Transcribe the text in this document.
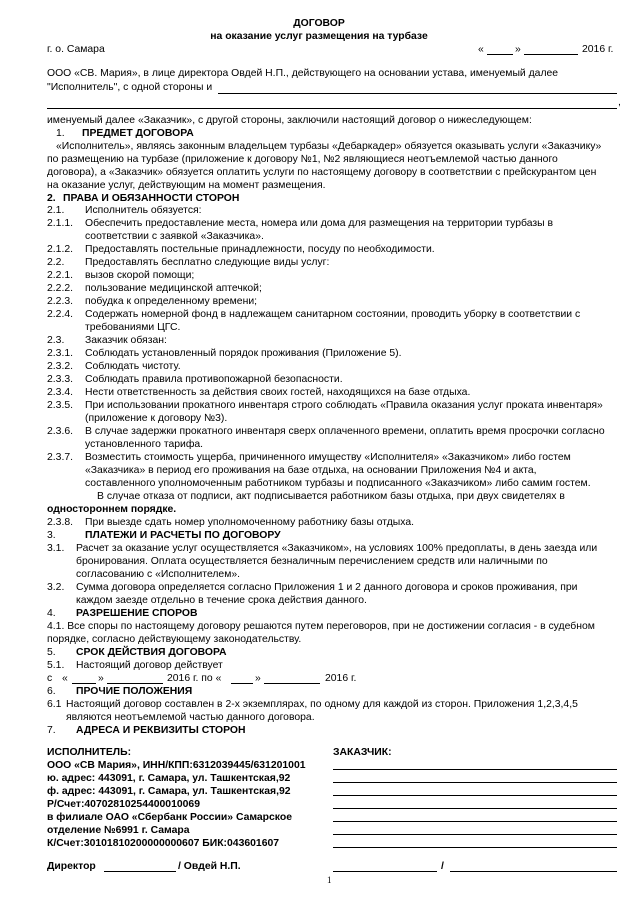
ДОГОВОР
на оказание услуг размещения на турбазе
г. о. Самара	«	»	2016 г.
ООО «СВ. Мария», в лице директора Овдей Н.П., действующего на основании устава, именуемый далее
"Исполнитель", с одной стороны и
,
именуемый далее «Заказчик», с другой стороны, заключили настоящий договор о нижеследующем:
1. ПРЕДМЕТ ДОГОВОРА
«Исполнитель», являясь законным владельцем турбазы «Дебаркадер» обязуется оказывать услуги «Заказчику»
по размещению на турбазе (приложение к договору №1, №2 являющиеся неотъемлемой частью данного
договора), а «Заказчик» обязуется оплатить услуги по настоящему договору в соответствии с прейскурантом цен
на оказание услуг, действующим на момент размещения.
2. ПРАВА И ОБЯЗАННОСТИ СТОРОН
2.1. Исполнитель обязуется:
2.1.1. Обеспечить предоставление места, номера или дома для размещения на территории турбазы в
соответствии с заявкой «Заказчика».
2.1.2. Предоставлять постельные принадлежности, посуду по необходимости.
2.2. Предоставлять бесплатно следующие виды услуг:
2.2.1. вызов скорой помощи;
2.2.2. пользование медицинской аптечкой;
2.2.3. побудка к определенному времени;
2.2.4. Содержать номерной фонд в надлежащем санитарном состоянии, проводить уборку в соответствии с
требованиями ЦГС.
2.3. Заказчик обязан:
2.3.1. Соблюдать установленный порядок проживания (Приложение 5).
2.3.2. Соблюдать чистоту.
2.3.3. Соблюдать правила противопожарной безопасности.
2.3.4. Нести ответственность за действия своих гостей, находящихся на базе отдыха.
2.3.5. При использовании прокатного инвентаря строго соблюдать «Правила оказания услуг проката инвентаря»
(приложение к договору №3).
2.3.6. В случае задержки прокатного инвентаря сверх оплаченного времени, оплатить время просрочки согласно
установленного тарифа.
2.3.7. Возместить стоимость ущерба, причиненного имуществу «Исполнителя» «Заказчиком» либо гостем
«Заказчика» в период его проживания на базе отдыха, на основании Приложения №4 и акта,
составленного уполномоченным работником турбазы и подписанного «Заказчиком» либо самим гостем.
В случае отказа от подписи, акт подписывается работником базы отдыха, при двух свидетелях в
одностороннем порядке.
2.3.8. При выезде сдать номер уполномоченному работнику базы отдыха.
3.	ПЛАТЕЖИ И РАСЧЕТЫ ПО ДОГОВОРУ
3.1. Расчет за оказание услуг осуществляется «Заказчиком», на условиях 100% предоплаты, в день заезда или
бронирования. Оплата осуществляется безналичным перечислением средств или наличными по
согласованию с «Исполнителем».
3.2. Сумма договора определяется согласно Приложения 1 и 2 данного договора и сроков проживания, при
каждом заезде отдельно в течение срока действия данного.
4. РАЗРЕШЕНИЕ СПОРОВ
4.1. Все споры по настоящему договору решаются путем переговоров, при не достижении согласия - в судебном
порядке, согласно действующему законодательству.
5. СРОК ДЕЙСТВИЯ ДОГОВОРА
5.1. Настоящий договор действует
с «	»	2016 г. по «	»	2016 г.
6. ПРОЧИЕ ПОЛОЖЕНИЯ
6.1 Настоящий договор составлен в 2-х экземплярах, по одному для каждой из сторон. Приложения 1,2,3,4,5
являются неотъемлемой частью данного договора.
7. АДРЕСА И РЕКВИЗИТЫ СТОРОН
ИСПОЛНИТЕЛЬ:
ООО «СВ Мария», ИНН/КПП:6312039445/631201001
ю. адрес: 443091, г. Самара, ул. Ташкентская,92
ф. адрес: 443091, г. Самара, ул. Ташкентская,92
Р/Счет:40702810254400010069
в филиале ОАО «Сбербанк России» Самарское
отделение №6991 г. Самара
К/Счет:30101810200000000607 БИК:043601607
Директор	/ Овдей Н.П.
ЗАКАЗЧИК:
/
1
